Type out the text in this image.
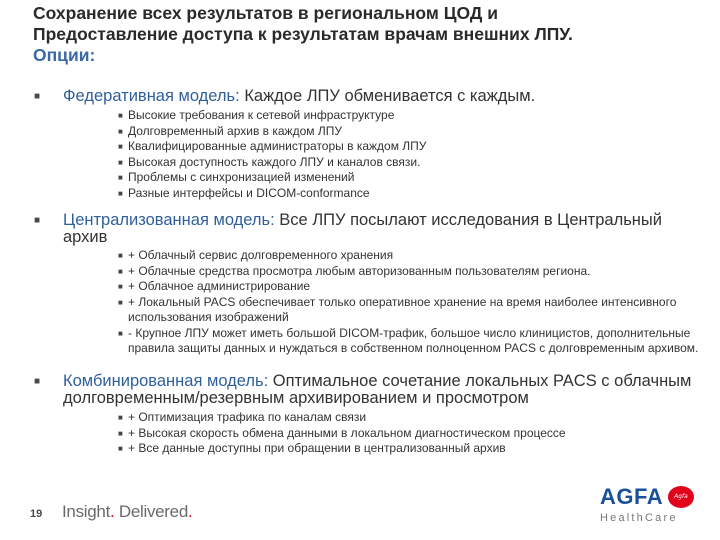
Сохранение всех результатов в региональном ЦОД и
Предоставление доступа к результатам врачам внешних ЛПУ.
Опции:
■ Федеративная модель: Каждое ЛПУ обменивается с каждым.
■ Высокие требования к сетевой инфраструктуре
■ Долговременный архив в каждом ЛПУ
■ Квалифицированные администраторы в каждом ЛПУ
■ Высокая доступность каждого ЛПУ и каналов связи.
■ Проблемы с синхронизацией изменений
■ Разные интерфейсы и DICOM-conformance
■ Централизованная модель: Все ЛПУ посылают исследования в Центральный архив
■ + Облачный сервис долговременного хранения
■ + Облачные средства просмотра любым авторизованным пользователям региона.
■ + Облачное администрирование
■ + Локальный PACS обеспечивает только оперативное хранение на время наиболее интенсивного использования изображений
■ - Крупное ЛПУ может иметь большой DICOM-трафик, большое число клиницистов, дополнительные правила защиты данных и нуждаться в собственном полноценном PACS с долговременным архивом.
■ Комбинированная модель: Оптимальное сочетание локальных PACS с облачным долговременным/резервным архивированием и просмотром
■ + Оптимизация трафика по каналам связи
■ + Высокая скорость обмена данными в локальном диагностическом процессе
■ + Все данные доступны при обращении в централизованный архив
19 Insight. Delivered.
AGFA	Agfa
HealthCare
